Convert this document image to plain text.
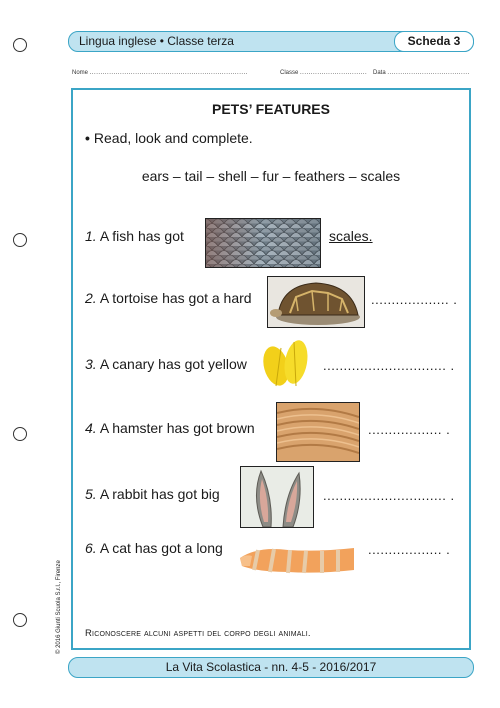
Lingua inglese • Classe terza	Scheda 3
Nome .........................................................................	Classe ............................... Data ......................................
PETS’ FEATURES
• Read, look and complete.
ears – tail – shell – fur – feathers – scales
1. A fish has got	scales.
2. A tortoise has got a hard	................... .
3. A canary has got yellow	.............................. .
4. A hamster has got brown	.................. .
5. A rabbit has got big	.............................. .
6. A cat has got a long	.................. .
Riconoscere alcuni aspetti del corpo degli animali.
© 2016 Giunti Scuola S.r.l., Firenze
La Vita Scolastica - nn. 4-5 - 2016/2017
